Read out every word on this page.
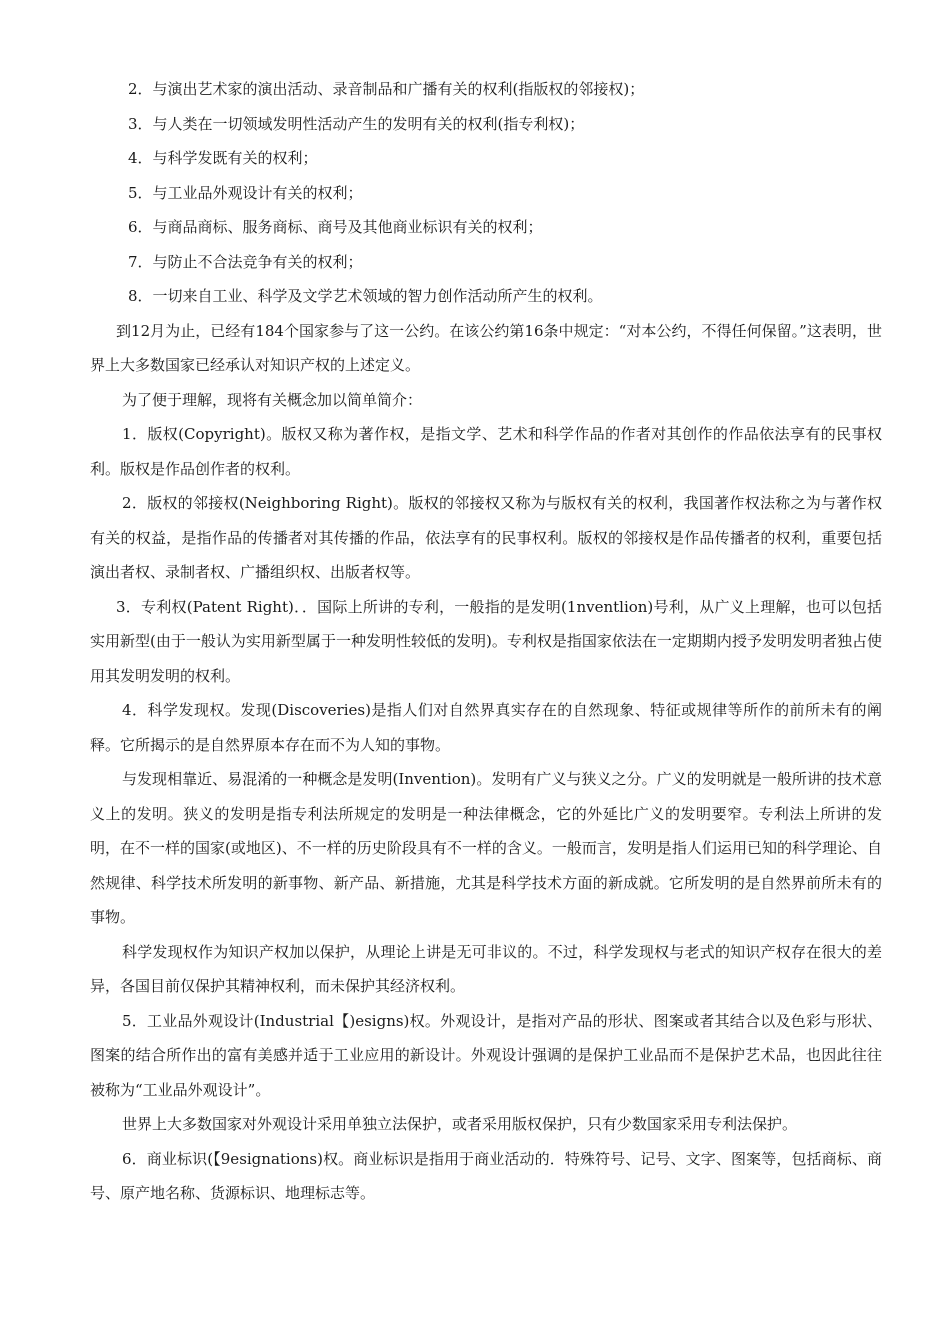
2．与演出艺术家的演出活动、录音制品和广播有关的权利(指版权的邻接权)；

3．与人类在一切领域发明性活动产生的发明有关的权利(指专利权)；

4．与科学发既有关的权利；

5．与工业品外观设计有关的权利；

6．与商品商标、服务商标、商号及其他商业标识有关的权利；

7．与防止不合法竞争有关的权利；

8．一切来自工业、科学及文学艺术领域的智力创作活动所产生的权利。

到12月为止，已经有184个国家参与了这一公约。在该公约第16条中规定：“对本公约，不得任何保留。”这表明，世界上大多数国家已经承认对知识产权的上述定义。

为了便于理解，现将有关概念加以简单简介：

1．版权(Copyright)。版权又称为著作权，是指文学、艺术和科学作品的作者对其创作的作品依法享有的民事权利。版权是作品创作者的权利。

2．版权的邻接权(Neighboring Right)。版权的邻接权又称为与版权有关的权利，我国著作权法称之为与著作权有关的权益，是指作品的传播者对其传播的作品，依法享有的民事权利。版权的邻接权是作品传播者的权利，重要包括演出者权、录制者权、广播组织权、出版者权等。

3．专利权(Patent Right)．．国际上所讲的专利，一般指的是发明(1nventlion)号利，从广义上理解，也可以包括实用新型(由于一般认为实用新型属于一种发明性较低的发明)。专利权是指国家依法在一定期期内授予发明发明者独占使用其发明发明的权利。

4．科学发现权。发现(Discoveries)是指人们对自然界真实存在的自然现象、特征或规律等所作的前所未有的阐释。它所揭示的是自然界原本存在而不为人知的事物。

与发现相靠近、易混淆的一种概念是发明(Invention)。发明有广义与狭义之分。广义的发明就是一般所讲的技术意义上的发明。狭义的发明是指专利法所规定的发明是一种法律概念，它的外延比广义的发明要窄。专利法上所讲的发明，在不一样的国家(或地区)、不一样的历史阶段具有不一样的含义。一般而言，发明是指人们运用已知的科学理论、自然规律、科学技术所发明的新事物、新产品、新措施，尤其是科学技术方面的新成就。它所发明的是自然界前所未有的事物。

科学发现权作为知识产权加以保护，从理论上讲是无可非议的。不过，科学发现权与老式的知识产权存在很大的差异，各国目前仅保护其精神权利，而未保护其经济权利。

5．工业品外观设计(Industrial【)esigns)权。外观设计，是指对产品的形状、图案或者其结合以及色彩与形状、图案的结合所作出的富有美感并适于工业应用的新设计。外观设计强调的是保护工业品而不是保护艺术品，也因此往往被称为“工业品外观设计”。

世界上大多数国家对外观设计采用单独立法保护，或者采用版权保护，只有少数国家采用专利法保护。

6．商业标识(【9esignations)权。商业标识是指用于商业活动的．特殊符号、记号、文字、图案等，包括商标、商号、原产地名称、货源标识、地理标志等。
